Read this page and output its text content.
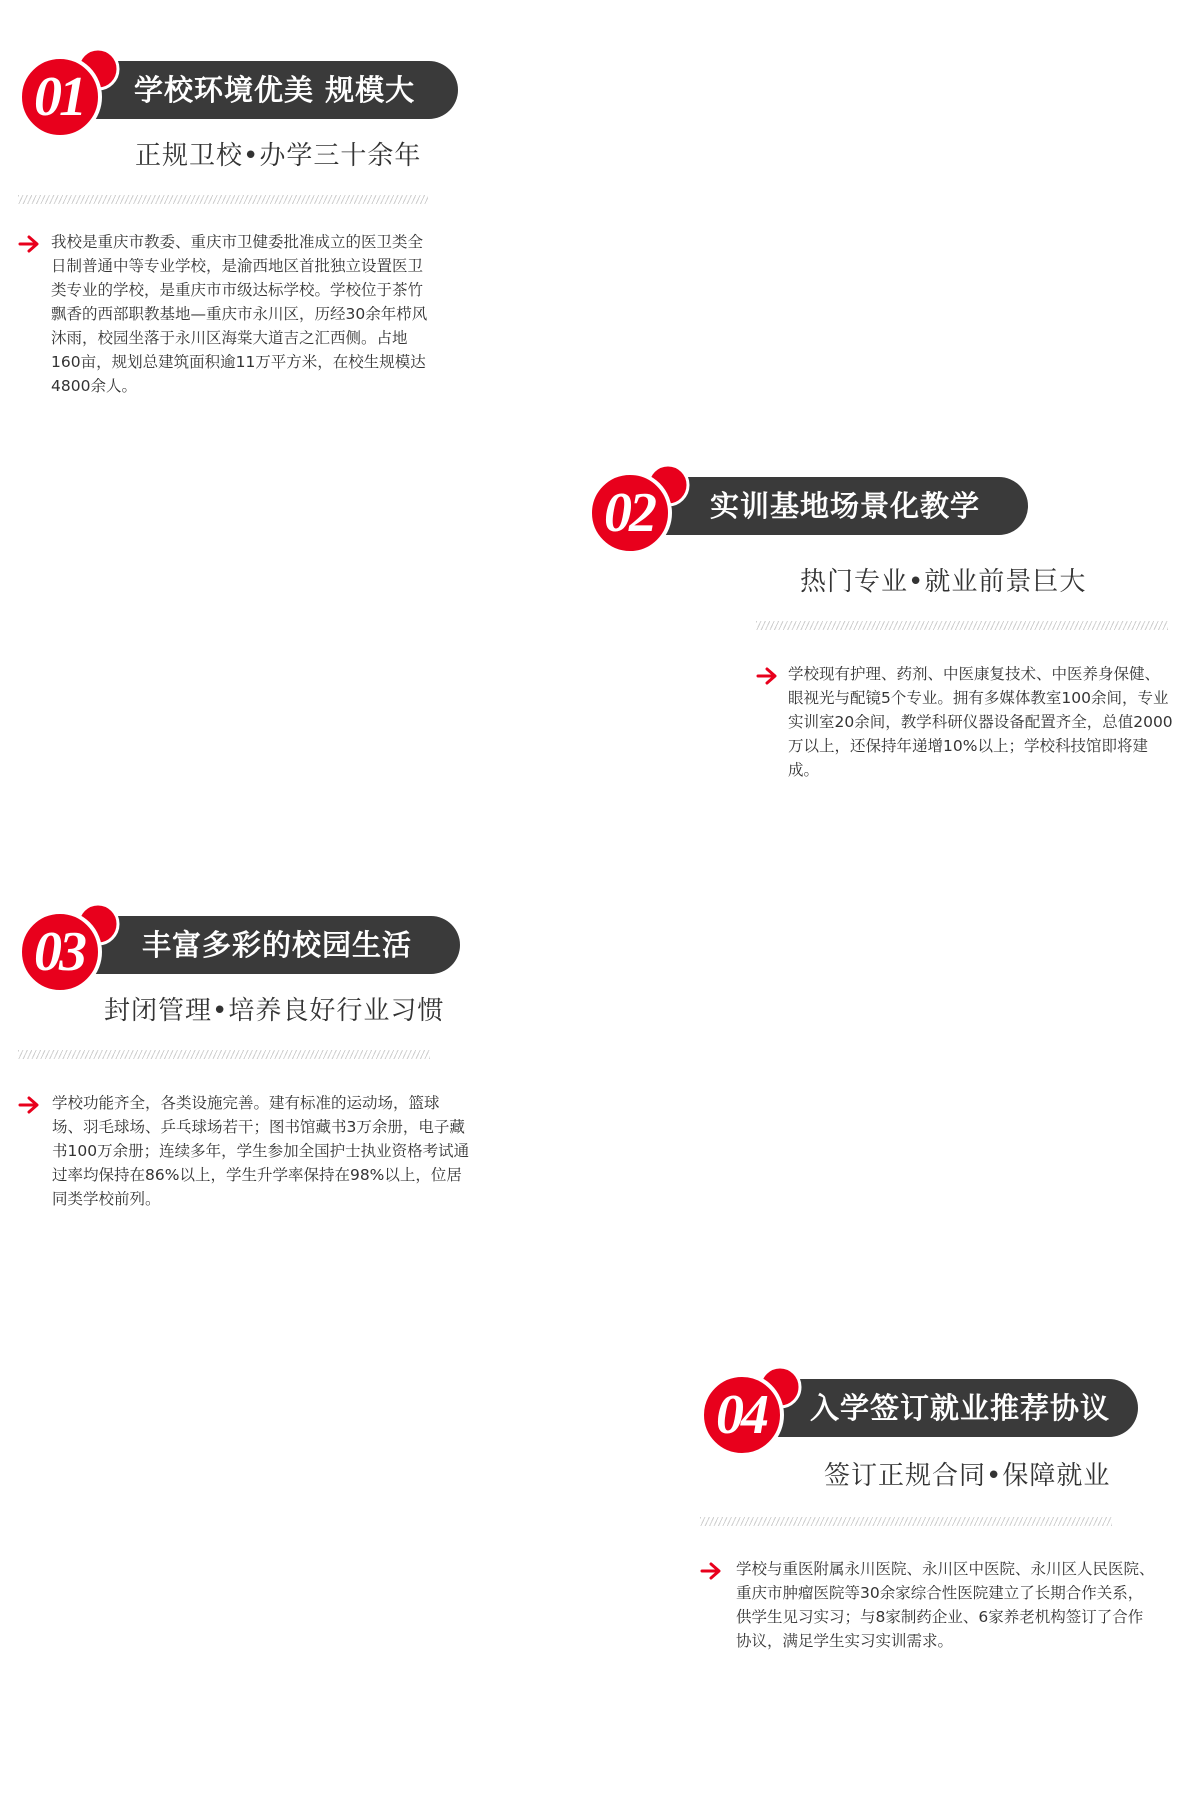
学校环境优美 规模大
01
正规卫校•办学三十余年
我校是重庆市教委、重庆市卫健委批准成立的医卫类全日制普通中等专业学校，是渝西地区首批独立设置医卫类专业的学校，是重庆市市级达标学校。学校位于茶竹飘香的西部职教基地—重庆市永川区，历经30余年栉风沐雨，校园坐落于永川区海棠大道吉之汇西侧。占地160亩，规划总建筑面积逾11万平方米，在校生规模达4800余人。
实训基地场景化教学
02
热门专业•就业前景巨大
学校现有护理、药剂、中医康复技术、中医养身保健、眼视光与配镜5个专业。拥有多媒体教室100余间，专业实训室20余间，教学科研仪器设备配置齐全，总值2000万以上，还保持年递增10%以上；学校科技馆即将建成。
丰富多彩的校园生活
03
封闭管理•培养良好行业习惯
学校功能齐全，各类设施完善。建有标准的运动场，篮球场、羽毛球场、乒乓球场若干；图书馆藏书3万余册，电子藏书100万余册；连续多年，学生参加全国护士执业资格考试通过率均保持在86%以上，学生升学率保持在98%以上，位居同类学校前列。
入学签订就业推荐协议
04
签订正规合同•保障就业
学校与重医附属永川医院、永川区中医院、永川区人民医院、重庆市肿瘤医院等30余家综合性医院建立了长期合作关系，供学生见习实习；与8家制药企业、6家养老机构签订了合作协议，满足学生实习实训需求。
